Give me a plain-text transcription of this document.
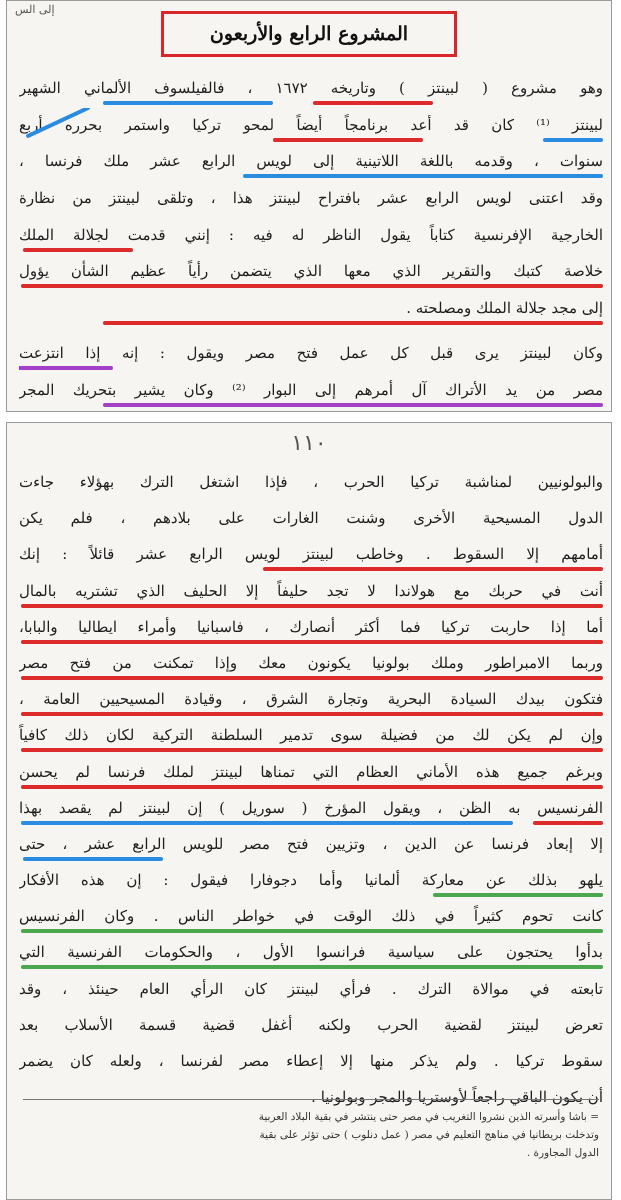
إلى الس
المشروع الرابع والأربعون
وهو مشروع ( لبينتز ) وتاريخه ١٦٧٢ ، فالفيلسوف الألماني الشهير
لبينتز ⁽¹⁾ كان قد أعد برنامجاً أيضاً لمحو تركيا واستمر بحرره أربع
سنوات ، وقدمه باللغة اللاتينية إلى لويس الرابع عشر ملك فرنسا ،
وقد اعتنى لويس الرابع عشر بافتراح لبينتز هذا ، وتلقى لبينتز من نظارة
الخارجية الإفرنسية كتاباً يقول الناظر له فيه : إنني قدمت لجلالة الملك
خلاصة كتبك والتقرير الذي معها الذي يتضمن رأياً عظيم الشأن يؤول
إلى مجد جلالة الملك ومصلحته .
وكان لبينتز يرى قبل كل عمل فتح مصر ويقول : إنه إذا انتزعت
مصر من يد الأتراك آل أمرهم إلى البوار ⁽²⁾ وكان يشير بتحريك المجر
١١٠
والبولونيين لمناشبة تركيا الحرب ، فإذا اشتغل الترك بهؤلاء جاءت
الدول المسيحية الأخرى وشنت الغارات على بلادهم ، فلم يكن
أمامهم إلا السقوط . وخاطب لبينتز لويس الرابع عشر قائلاً : إنك
أنت في حربك مع هولاندا لا تجد حليفاً إلا الحليف الذي تشتريه بالمال
أما إذا حاربت تركيا فما أكثر أنصارك ، فاسبانيا وأمراء ايطاليا والبابا،
وربما الامبراطور وملك بولونيا يكونون معك وإذا تمكنت من فتح مصر
فتكون بيدك السيادة البحرية وتجارة الشرق ، وقيادة المسيحيين العامة ،
وإن لم يكن لك من فضيلة سوى تدمير السلطنة التركية لكان ذلك كافياً
وبرغم جميع هذه الأماني العظام التي تمناها لبينتز لملك فرنسا لم يحسن
الفرنسيس به الظن ، ويقول المؤرخ ( سوريل ) إن لبينتز لم يقصد بهذا
إلا إبعاد فرنسا عن الدين ، وتزيين فتح مصر للويس الرابع عشر ، حتى
يلهو بذلك عن معاركة ألمانيا وأما دجوفارا فيقول : إن هذه الأفكار
كانت تحوم كثيراً في ذلك الوقت في خواطر الناس . وكان الفرنسيس
بدأوا يحتجون على سياسية فرانسوا الأول ، والحكومات الفرنسية التي
تابعته في موالاة الترك . فرأي لبينتز كان الرأي العام حينئذ ، وقد
تعرض لبينتز لقضية الحرب ولكنه أغفل قضية قسمة الأسلاب بعد
سقوط تركيا . ولم يذكر منها إلا إعطاء مصر لفرنسا ، ولعله كان يضمر
أن يكون الباقي راجعاً لأوستريا والمجر وبولونيا .

= باشا وأسرته الذين نشروا التغريب في مصر حتى ينتشر في بقية البلاد العربية

وتدخلت بريطانيا في مناهج التعليم في مصر ( عمل دنلوب ) حتى تؤثر على بقية

الدول المجاورة .
